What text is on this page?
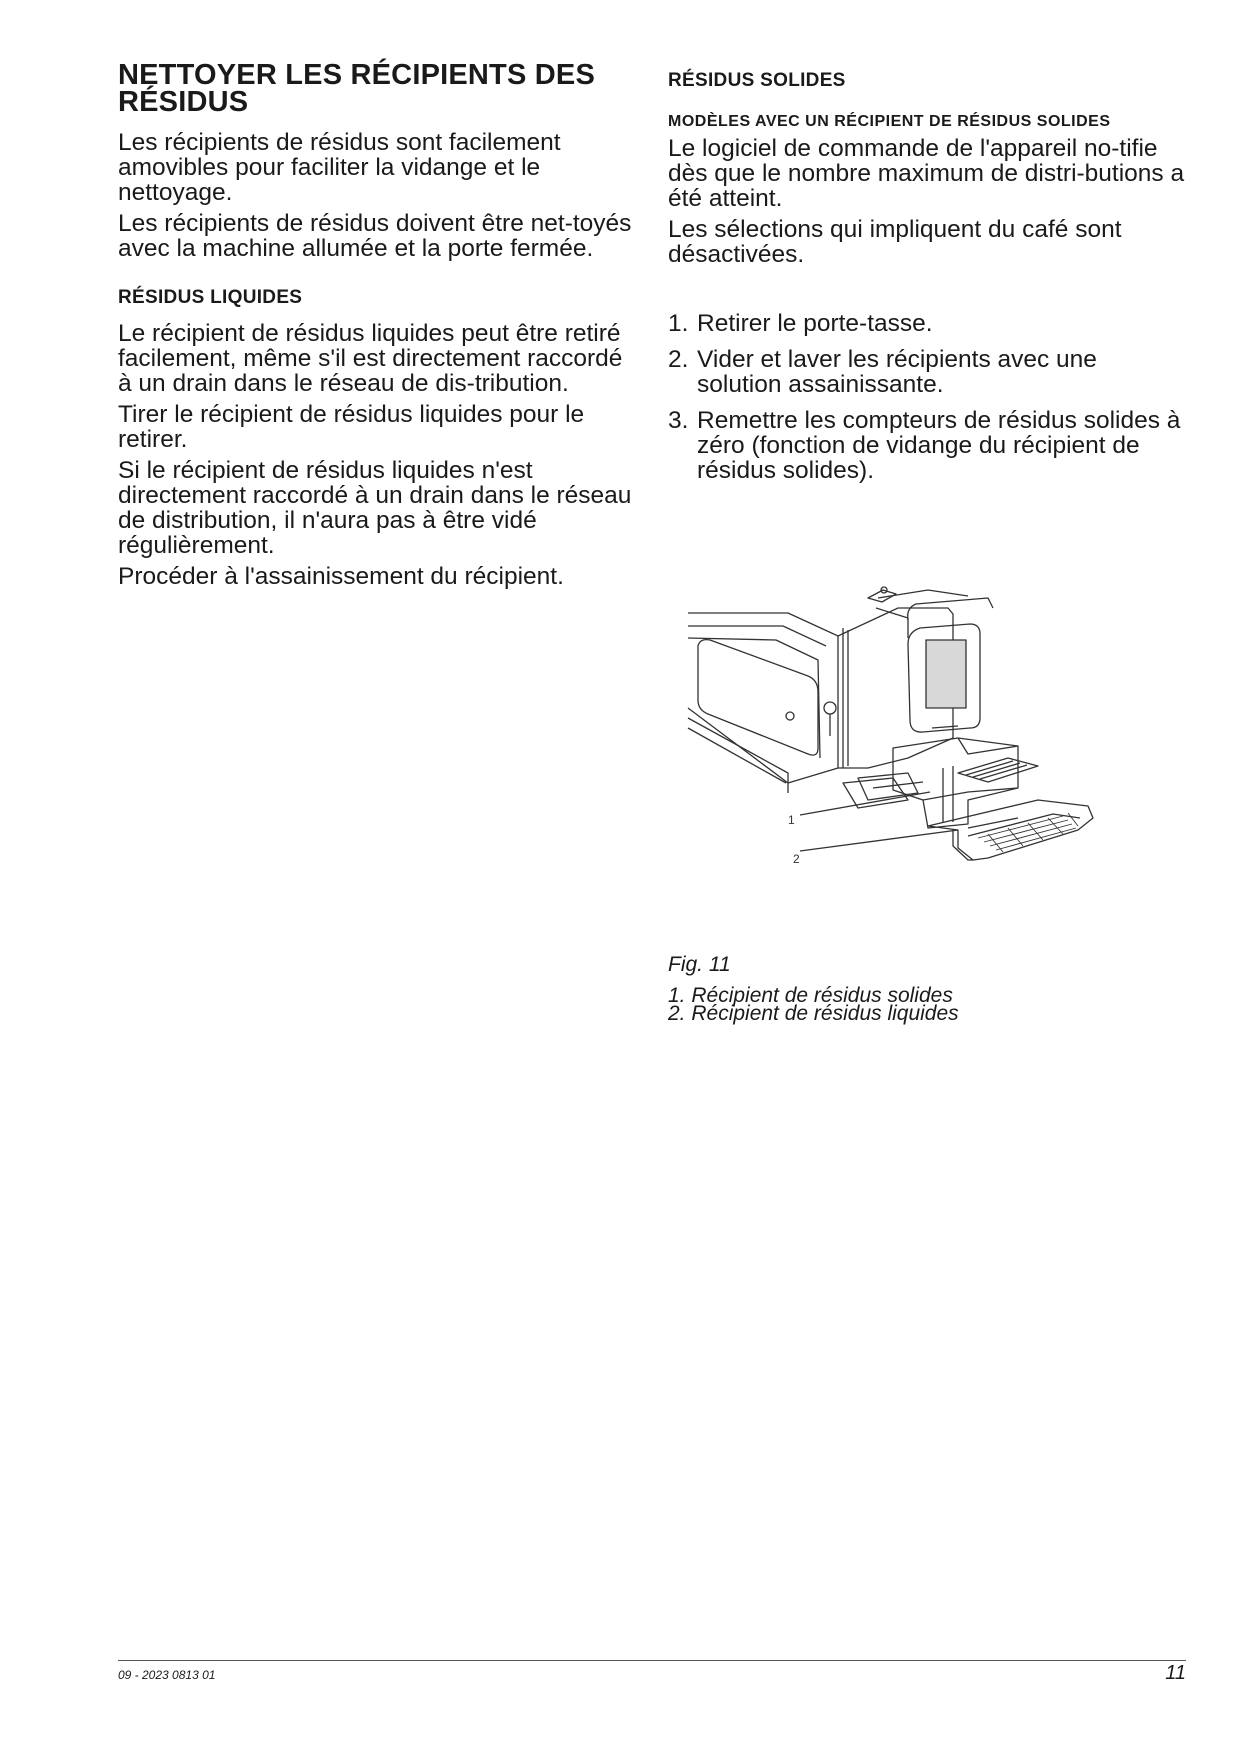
NETTOYER LES RÉCIPIENTS DES
RÉSIDUS

Les récipients de résidus sont facilement amovibles pour faciliter la vidange et le nettoyage.

Les récipients de résidus doivent être net-toyés avec la machine allumée et la porte fermée.

RÉSIDUS LIQUIDES

Le récipient de résidus liquides peut être retiré facilement, même s'il est directement raccordé à un drain dans le réseau de dis-tribution.

Tirer le récipient de résidus liquides pour le retirer.

Si le récipient de résidus liquides n'est directement raccordé à un drain dans le réseau de distribution, il n'aura pas à être vidé régulièrement.

Procéder à l'assainissement du récipient.

RÉSIDUS SOLIDES
MODÈLES AVEC UN RÉCIPIENT DE RÉSIDUS SOLIDES

Le logiciel de commande de l'appareil no-tifie dès que le nombre maximum de distri-butions a été atteint.

Les sélections qui impliquent du café sont désactivées.

1. Retirer le porte-tasse.
2. Vider et laver les récipients avec une solution assainissante.
3. Remettre les compteurs de résidus solides à zéro (fonction de vidange du récipient de résidus solides).
1
2
Fig. 11
1. Récipient de résidus solides
2. Récipient de résidus liquides
09 - 2023 0813 01	11
